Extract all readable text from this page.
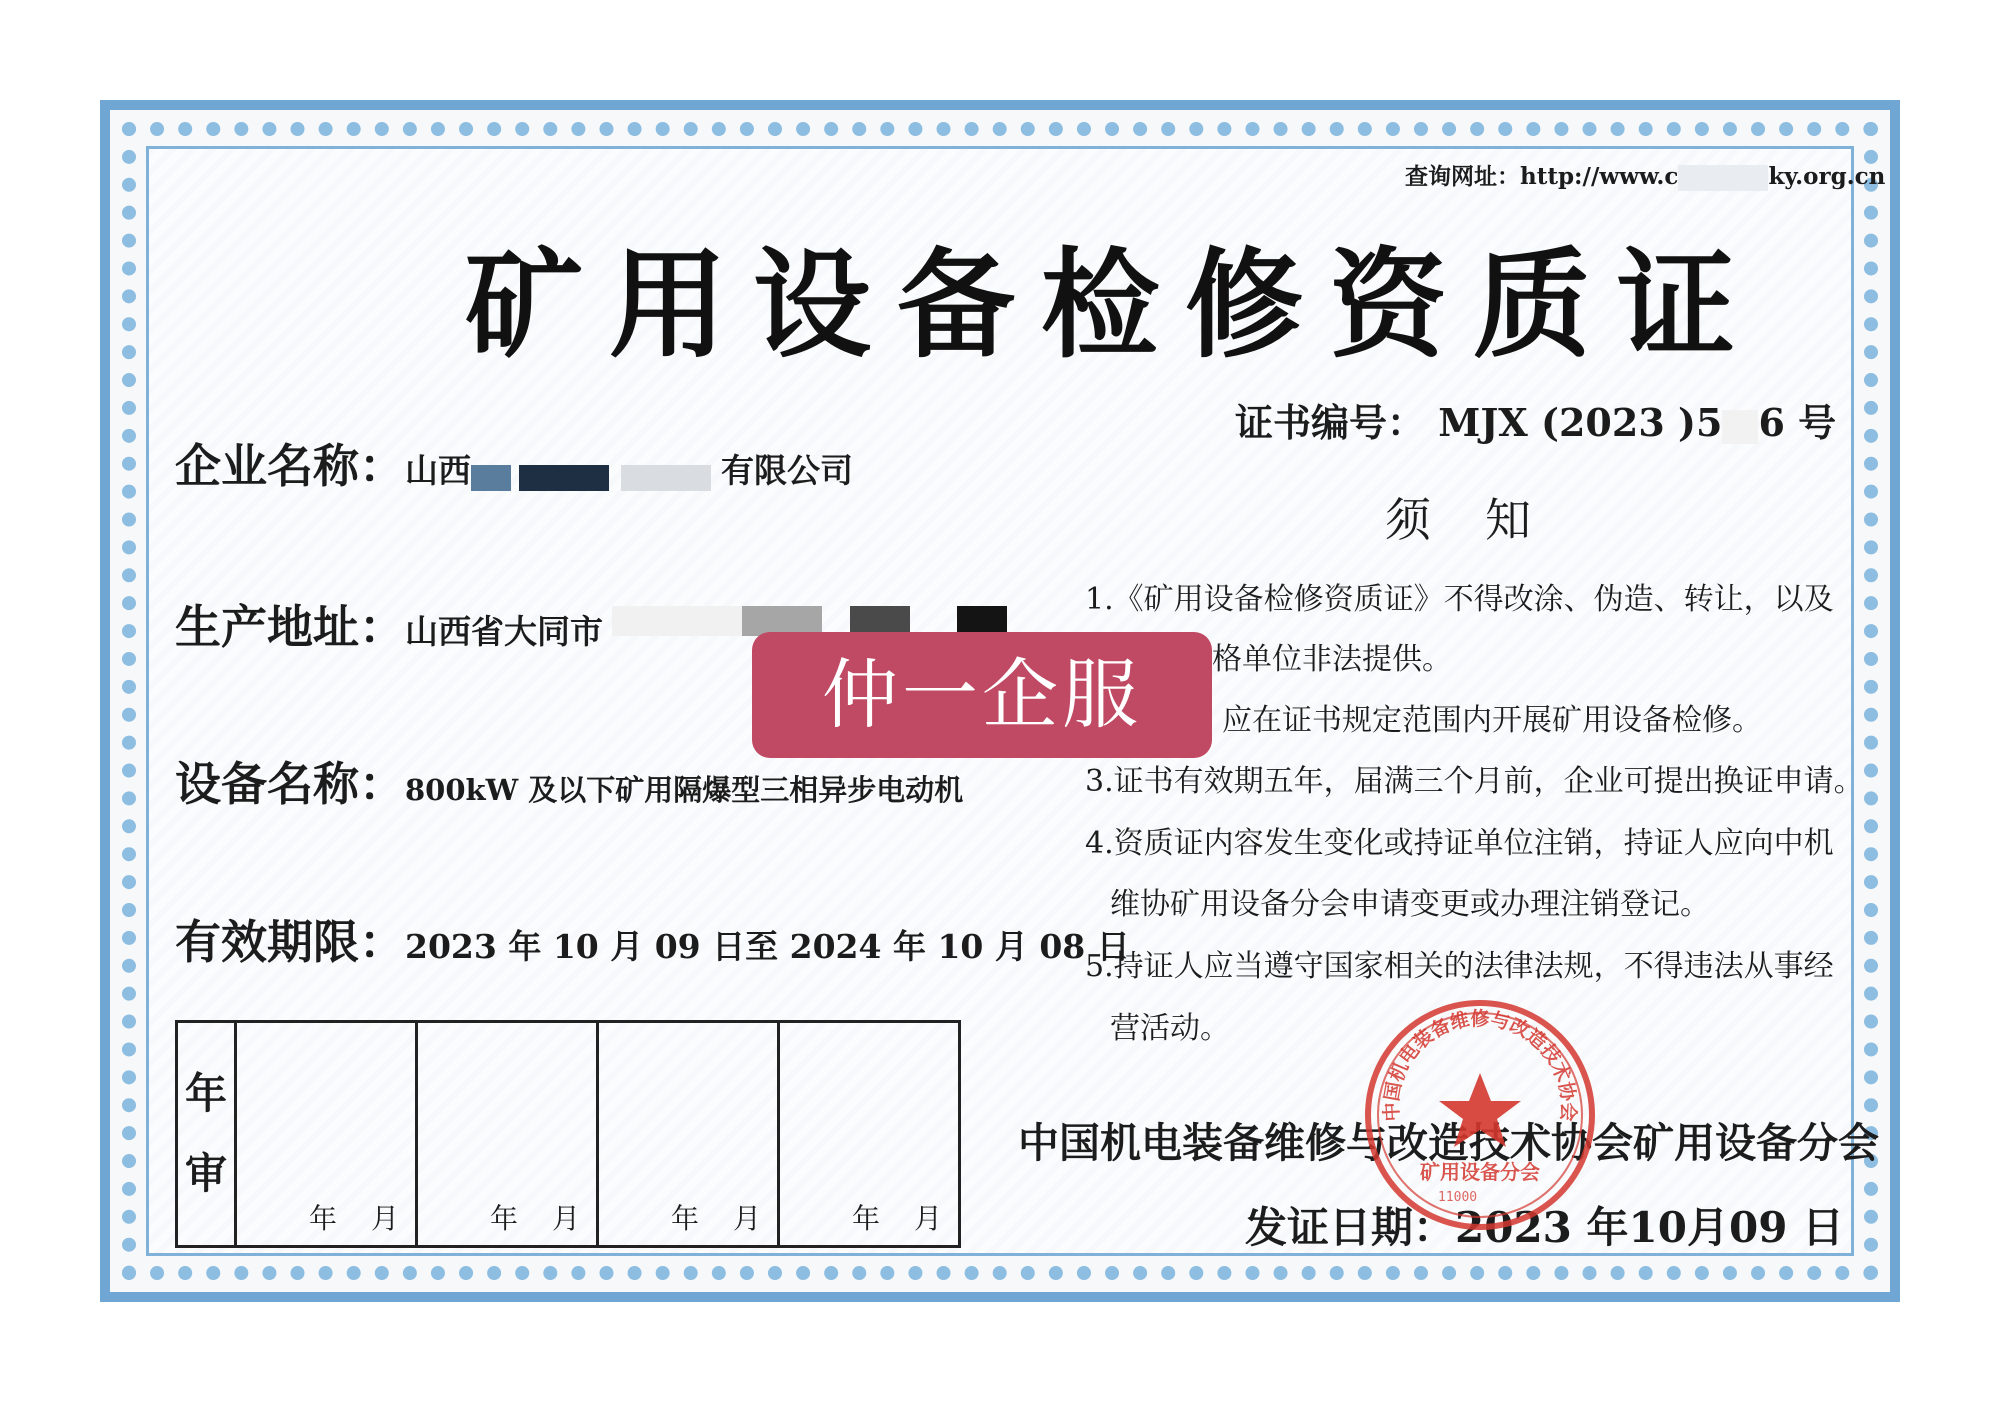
查询网址：http://www.c	ky.org.cn
矿用设备检修资质证
证书编号： MJX (2023 )5 6 号
须知
企业名称：山西	有限公司
生产地址：山西省大同市
设备名称：800kW 及以下矿用隔爆型三相异步电动机
有效期限：2023 年 10 月 09 日至 2024 年 10 月 08 日
1.《矿用设备检修资质证》不得改涂、伪造、转让，以及
格单位非法提供。
应在证书规定范围内开展矿用设备检修。
3.证书有效期五年，届满三个月前，企业可提出换证申请。
4.资质证内容发生变化或持证单位注销，持证人应向中机
维协矿用设备分会申请变更或办理注销登记。
5.持证人应当遵守国家相关的法律法规，不得违法从事经
营活动。
年
审
	年 月	年 月	年 月	年 月
中国机电装备维修与改造技术协会矿用设备分会
发证日期：2023 年10月09 日
中国机电装备维修与改造技术协会
矿用设备分会
11000
仲一企服
